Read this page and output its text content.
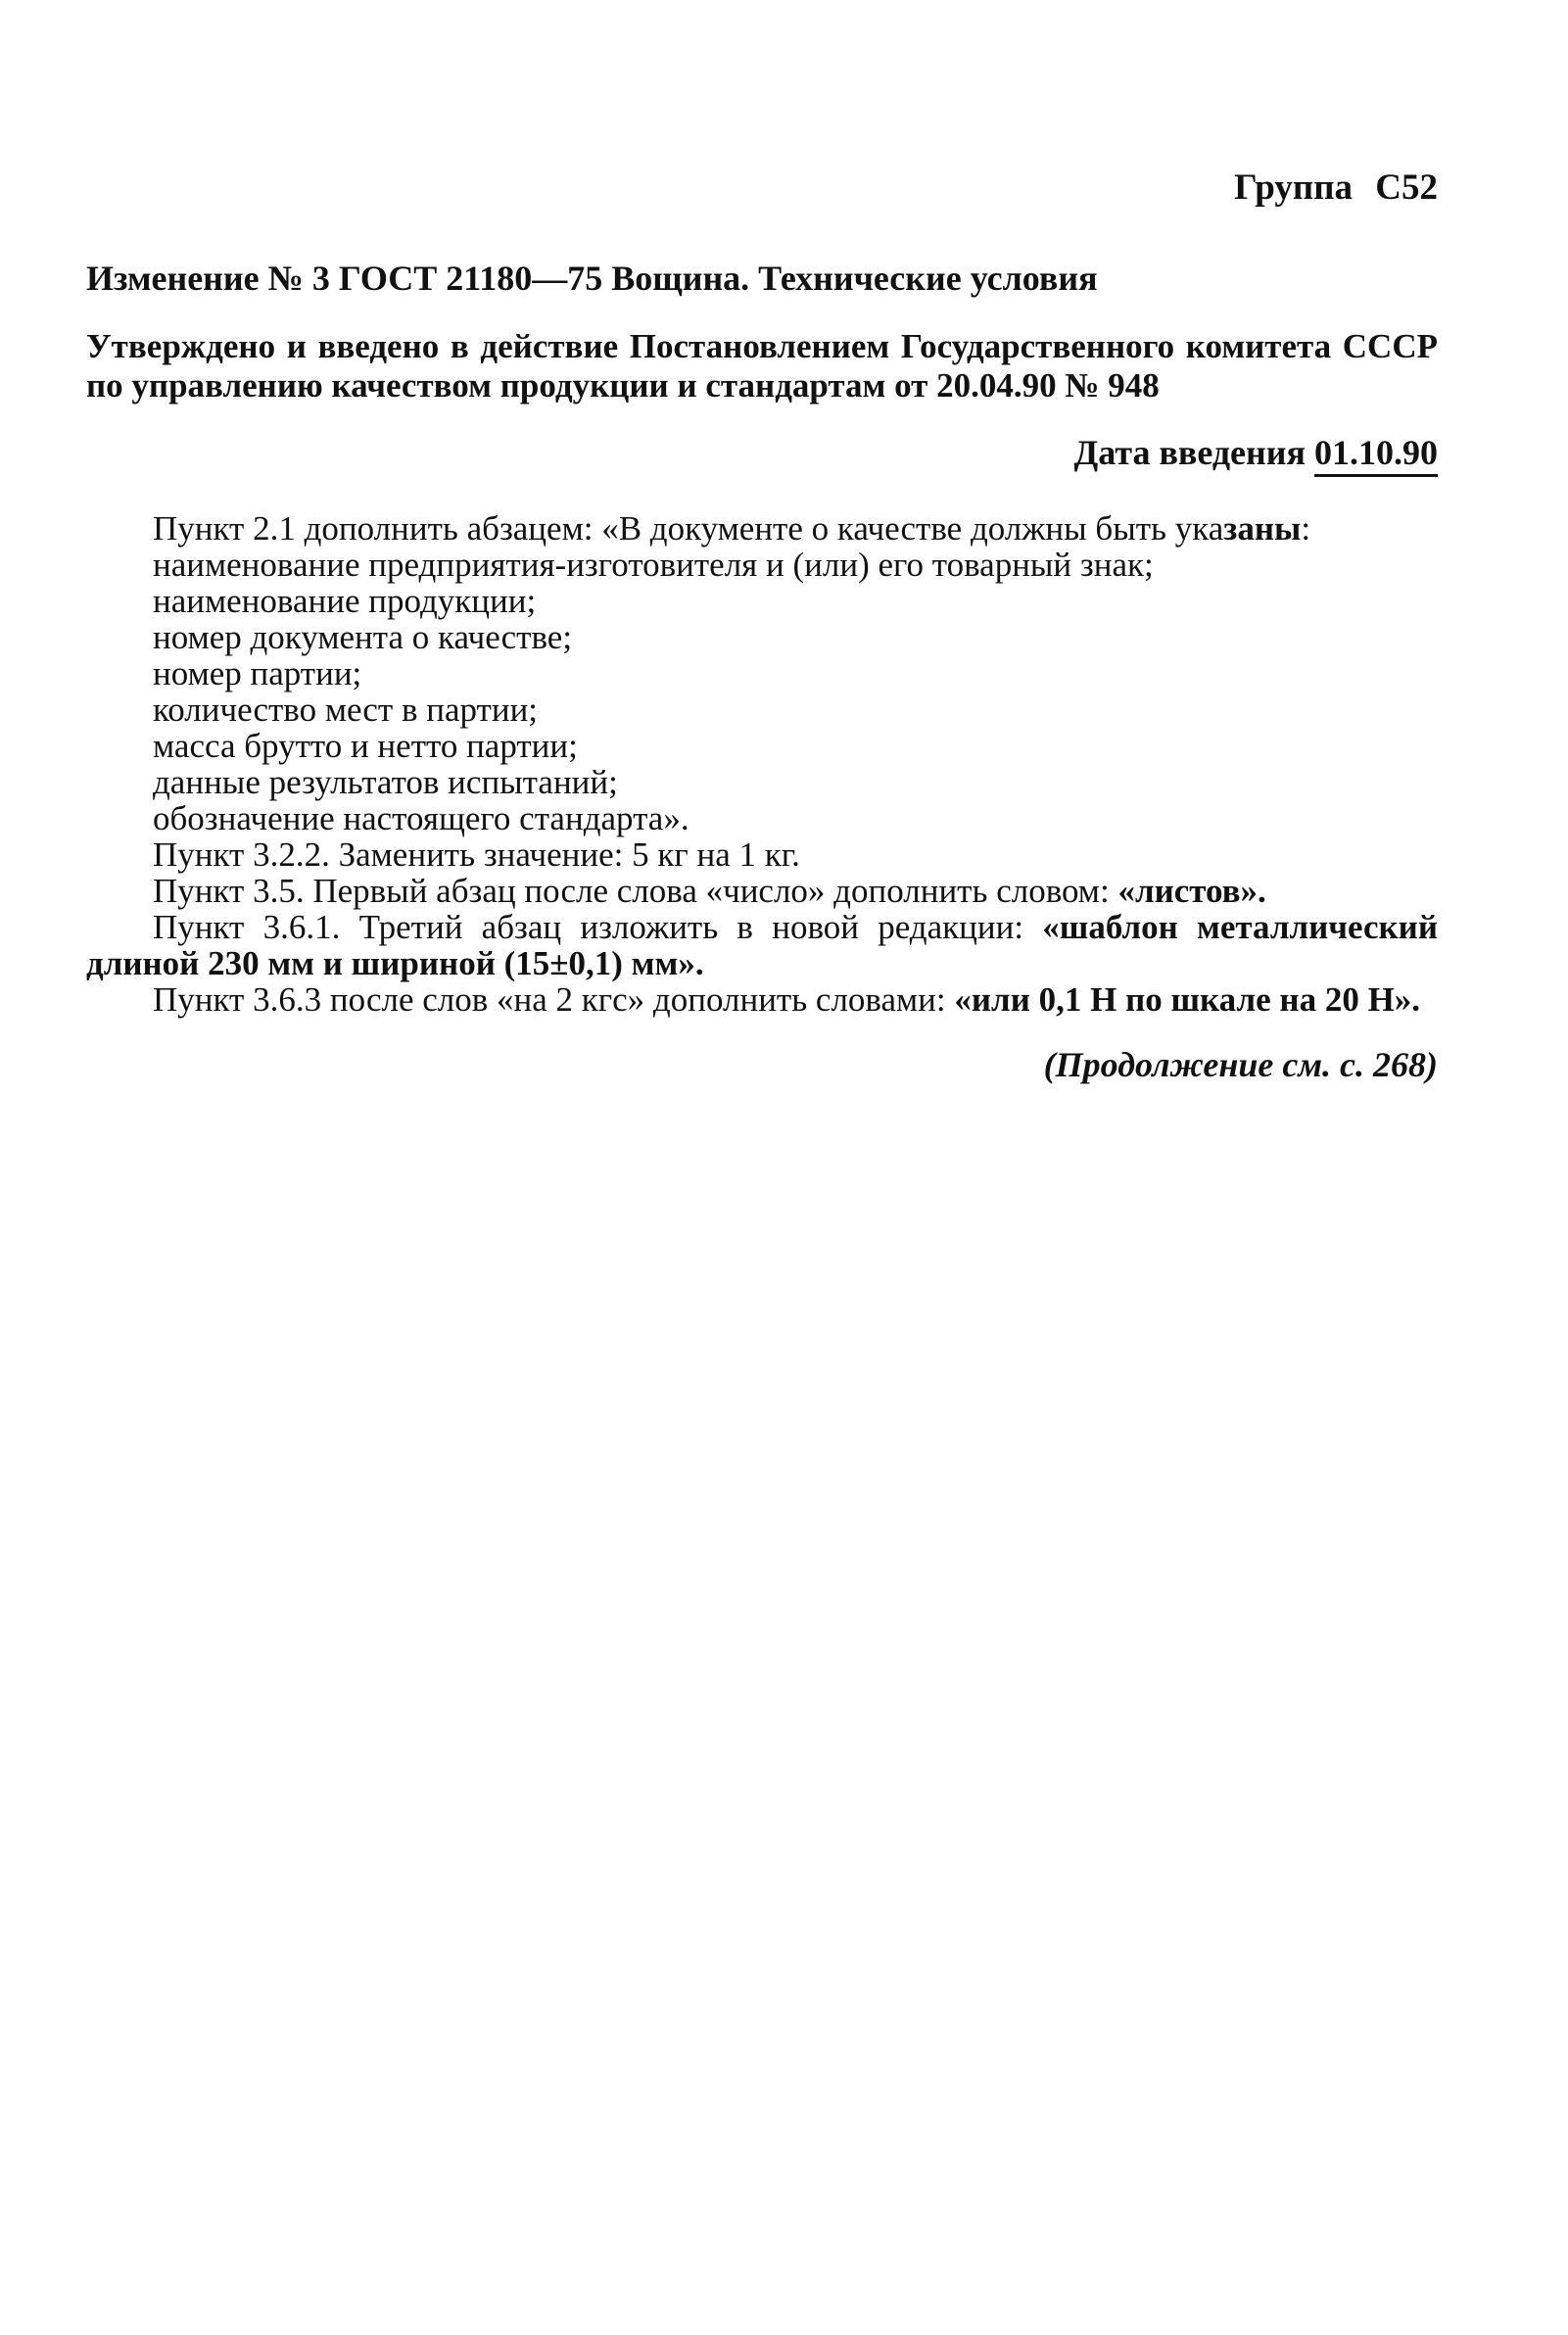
Группа С52
Изменение № 3 ГОСТ 21180—75 Вощина. Технические условия
Утверждено и введено в действие Постановлением Государственного комитета СССР по управлению качеством продукции и стандартам от 20.04.90 № 948
Дата введения 01.10.90
Пункт 2.1 дополнить абзацем: «В документе о качестве должны быть указаны:
наименование предприятия-изготовителя и (или) его товарный знак;
наименование продукции;
номер документа о качестве;
номер партии;
количество мест в партии;
масса брутто и нетто партии;
данные результатов испытаний;
обозначение настоящего стандарта».
Пункт 3.2.2. Заменить значение: 5 кг на 1 кг.
Пункт 3.5. Первый абзац после слова «число» дополнить словом: «листов».
Пункт 3.6.1. Третий абзац изложить в новой редакции: «шаблон металлический длиной 230 мм и шириной (15±0,1) мм».
Пункт 3.6.3 после слов «на 2 кгс» дополнить словами: «или 0,1 Н по шкале на 20 Н».
(Продолжение см. с. 268)
